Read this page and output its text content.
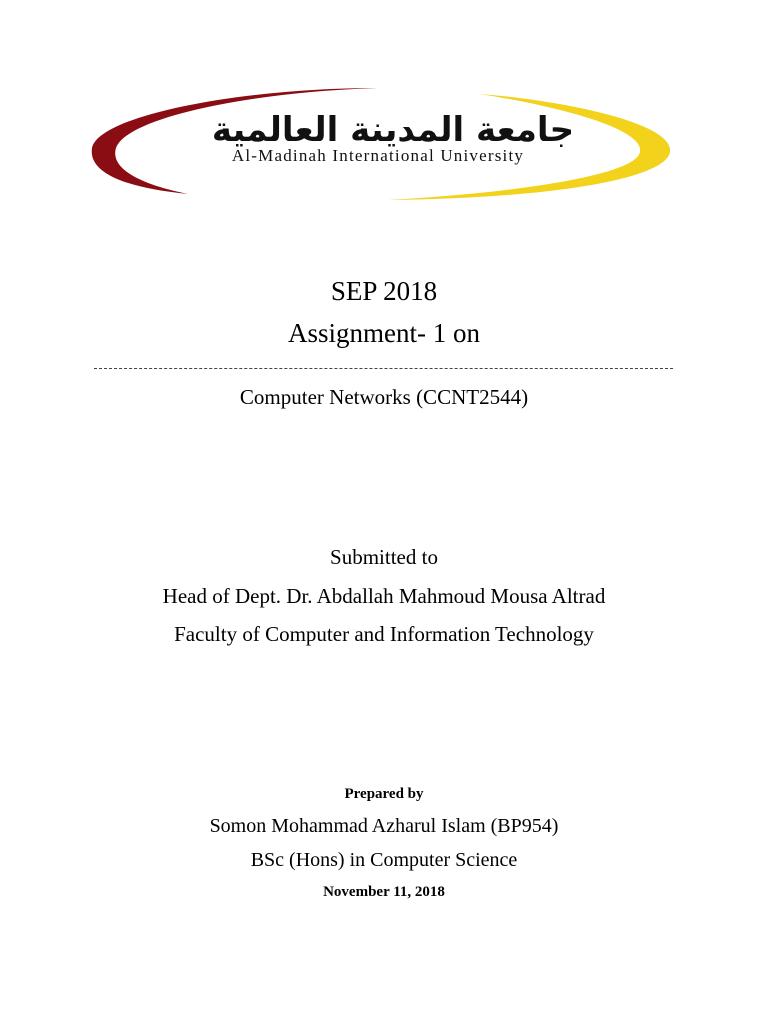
جامعة المدينة العالمية
Al-Madinah International University
SEP 2018
Assignment- 1 on
Computer Networks (CCNT2544)
Submitted to
Head of Dept. Dr. Abdallah Mahmoud Mousa Altrad
Faculty of Computer and Information Technology
Prepared by
Somon Mohammad Azharul Islam (BP954)
BSc (Hons) in Computer Science
November 11, 2018
